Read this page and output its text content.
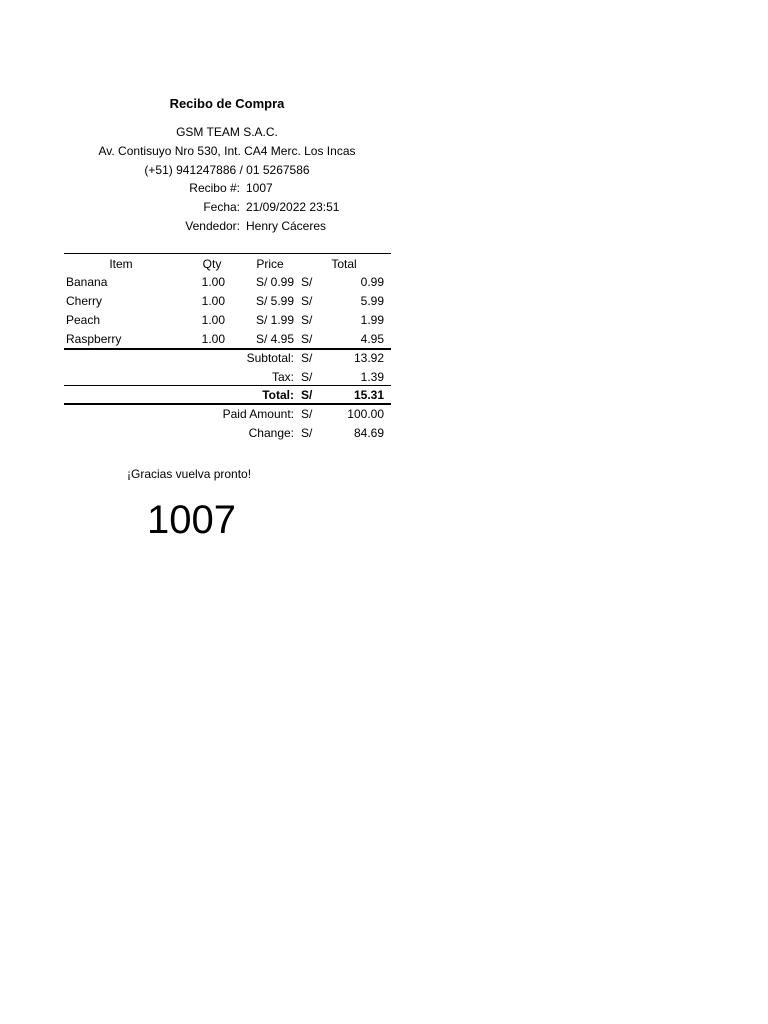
Recibo de Compra
GSM TEAM S.A.C.
Av. Contisuyo Nro 530, Int. CA4 Merc. Los Incas
(+51) 941247886 / 01 5267586
Recibo #: 1007
Fecha: 21/09/2022 23:51
Vendedor: Henry Cáceres
Item	Qty	Price	Total
Banana	1.00	S/ 0.99 S/	0.99
Cherry	1.00	S/ 5.99 S/	5.99
Peach	1.00	S/ 1.99 S/	1.99
Raspberry	1.00	S/ 4.95 S/	4.95
Subtotal: S/	13.92
Tax: S/	1.39
Total: S/	15.31
Paid Amount: S/	100.00
Change: S/	84.69
¡Gracias vuelva pronto!
1007
